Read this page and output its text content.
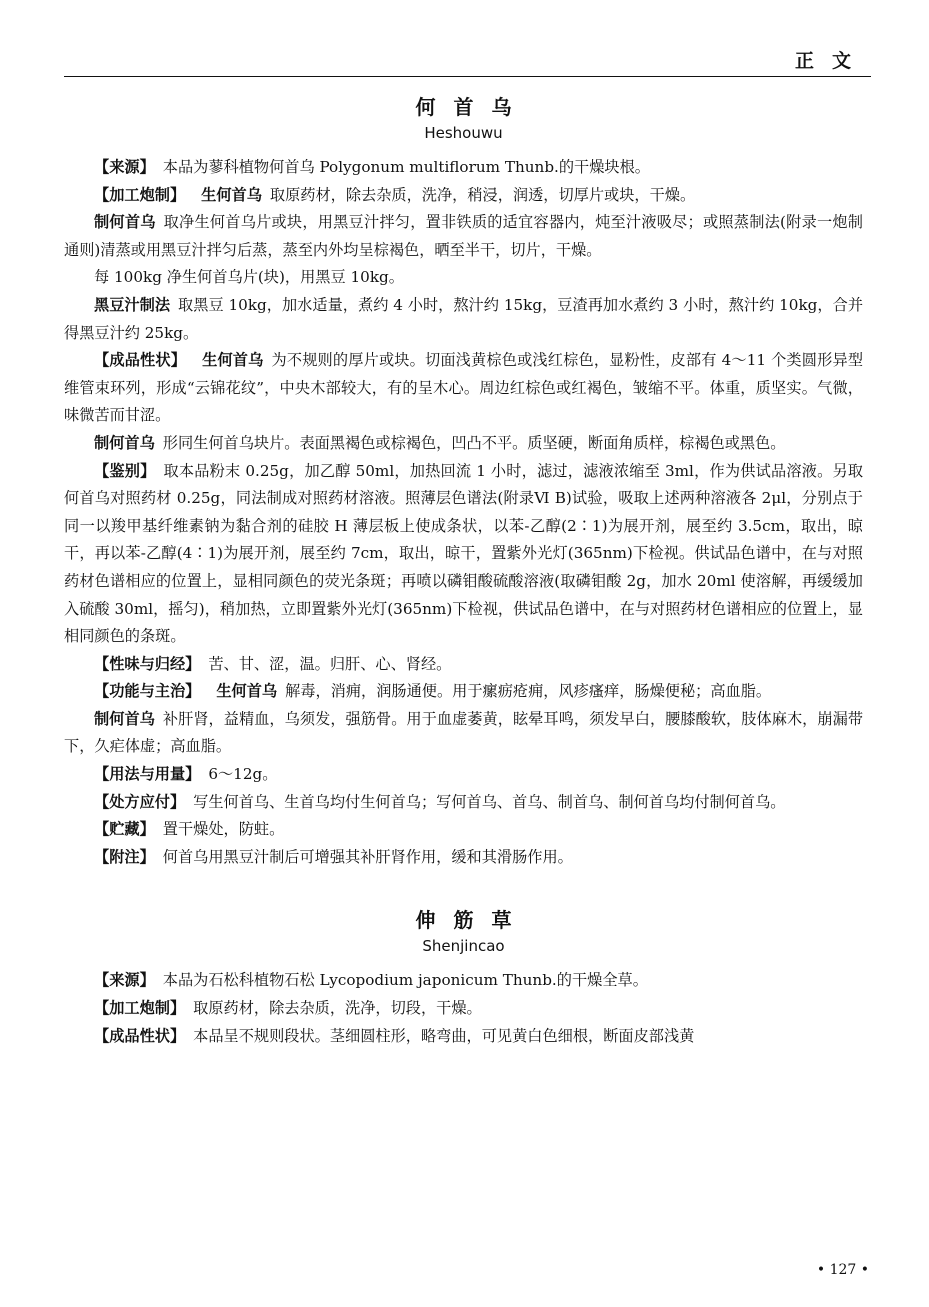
正文
何首乌
Heshouwu

【来源】 本品为蓼科植物何首乌 Polygonum multiflorum Thunb.的干燥块根。

【加工炮制】 生何首乌 取原药材，除去杂质，洗净，稍浸，润透，切厚片或块，干燥。

制何首乌 取净生何首乌片或块，用黑豆汁拌匀，置非铁质的适宜容器内，炖至汁液吸尽；或照蒸制法(附录一炮制通则)清蒸或用黑豆汁拌匀后蒸，蒸至内外均呈棕褐色，晒至半干，切片，干燥。

每 100kg 净生何首乌片(块)，用黑豆 10kg。

黑豆汁制法 取黑豆 10kg，加水适量，煮约 4 小时，熬汁约 15kg，豆渣再加水煮约 3 小时，熬汁约 10kg，合并得黑豆汁约 25kg。

【成品性状】 生何首乌 为不规则的厚片或块。切面浅黄棕色或浅红棕色，显粉性，皮部有 4～11 个类圆形异型维管束环列，形成“云锦花纹”，中央木部较大，有的呈木心。周边红棕色或红褐色，皱缩不平。体重，质坚实。气微，味微苦而甘涩。

制何首乌 形同生何首乌块片。表面黑褐色或棕褐色，凹凸不平。质坚硬，断面角质样，棕褐色或黑色。

【鉴别】 取本品粉末 0.25g，加乙醇 50ml，加热回流 1 小时，滤过，滤液浓缩至 3ml，作为供试品溶液。另取何首乌对照药材 0.25g，同法制成对照药材溶液。照薄层色谱法(附录Ⅵ B)试验，吸取上述两种溶液各 2μl，分别点于同一以羧甲基纤维素钠为黏合剂的硅胶 H 薄层板上使成条状，以苯-乙醇(2∶1)为展开剂，展至约 3.5cm，取出，晾干，再以苯-乙醇(4∶1)为展开剂，展至约 7cm，取出，晾干，置紫外光灯(365nm)下检视。供试品色谱中，在与对照药材色谱相应的位置上，显相同颜色的荧光条斑；再喷以磷钼酸硫酸溶液(取磷钼酸 2g，加水 20ml 使溶解，再缓缓加入硫酸 30ml，摇匀)，稍加热，立即置紫外光灯(365nm)下检视，供试品色谱中，在与对照药材色谱相应的位置上，显相同颜色的条斑。

【性味与归经】 苦、甘、涩，温。归肝、心、肾经。

【功能与主治】 生何首乌 解毒，消痈，润肠通便。用于瘰疬疮痈，风疹瘙痒，肠燥便秘；高血脂。

制何首乌 补肝肾，益精血，乌须发，强筋骨。用于血虚萎黄，眩晕耳鸣，须发早白，腰膝酸软，肢体麻木，崩漏带下，久疟体虚；高血脂。

【用法与用量】 6～12g。

【处方应付】 写生何首乌、生首乌均付生何首乌；写何首乌、首乌、制首乌、制何首乌均付制何首乌。

【贮藏】 置干燥处，防蛀。

【附注】 何首乌用黑豆汁制后可增强其补肝肾作用，缓和其滑肠作用。

伸筋草
Shenjincao

【来源】 本品为石松科植物石松 Lycopodium japonicum Thunb.的干燥全草。

【加工炮制】 取原药材，除去杂质，洗净，切段，干燥。

【成品性状】 本品呈不规则段状。茎细圆柱形，略弯曲，可见黄白色细根，断面皮部浅黄

• 127 •
